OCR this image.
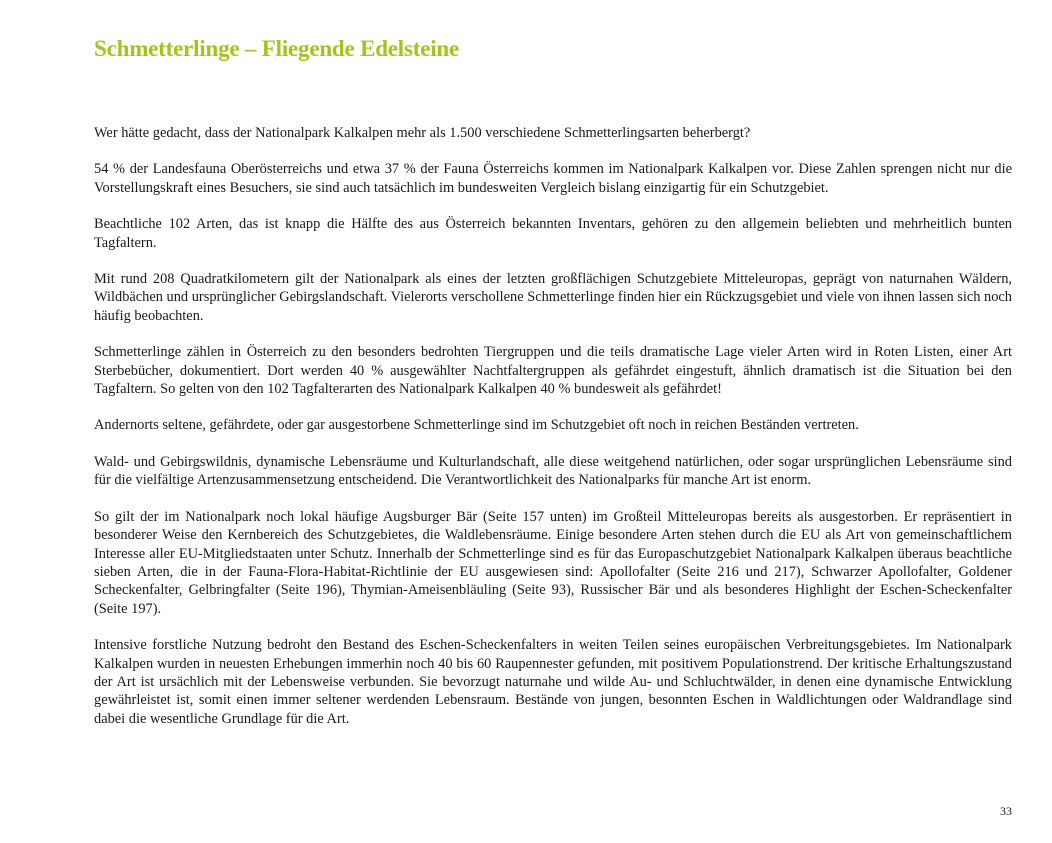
Schmetterlinge – Fliegende Edelsteine

Wer hätte gedacht, dass der Nationalpark Kalkalpen mehr als 1.500 verschiedene Schmetterlingsarten beherbergt?

54 % der Landesfauna Oberösterreichs und etwa 37 % der Fauna Österreichs kommen im Nationalpark Kalkalpen vor. Diese Zahlen sprengen nicht nur die Vorstellungskraft eines Besuchers, sie sind auch tatsächlich im bundesweiten Vergleich bislang einzigartig für ein Schutzgebiet.

Beachtliche 102 Arten, das ist knapp die Hälfte des aus Österreich bekannten Inventars, gehören zu den allgemein beliebten und mehrheitlich bunten Tagfaltern.

Mit rund 208 Quadratkilometern gilt der Nationalpark als eines der letzten großflächigen Schutzgebiete Mitteleuropas, geprägt von naturnahen Wäldern, Wildbächen und ursprünglicher Gebirgslandschaft. Vielerorts verschollene Schmetterlinge finden hier ein Rückzugsgebiet und viele von ihnen lassen sich noch häufig beobachten.

Schmetterlinge zählen in Österreich zu den besonders bedrohten Tiergruppen und die teils dramatische Lage vieler Arten wird in Roten Listen, einer Art Sterbebücher, dokumentiert. Dort werden 40 % ausgewählter Nachtfaltergruppen als gefährdet eingestuft, ähnlich dramatisch ist die Situation bei den Tagfaltern. So gelten von den 102 Tagfalterarten des Nationalpark Kalkalpen 40 % bundesweit als gefährdet!

Andernorts seltene, gefährdete, oder gar ausgestorbene Schmetterlinge sind im Schutzgebiet oft noch in reichen Beständen vertreten.

Wald- und Gebirgswildnis, dynamische Lebensräume und Kulturlandschaft, alle diese weitgehend natürlichen, oder sogar ursprünglichen Lebensräume sind für die vielfältige Artenzusammensetzung entscheidend. Die Verantwortlichkeit des Nationalparks für manche Art ist enorm.

So gilt der im Nationalpark noch lokal häufige Augsburger Bär (Seite 157 unten) im Großteil Mitteleuropas bereits als ausgestorben. Er repräsentiert in besonderer Weise den Kernbereich des Schutzgebietes, die Waldlebensräume. Einige besondere Arten stehen durch die EU als Art von gemeinschaftlichem Interesse aller EU-Mitgliedstaaten unter Schutz. Innerhalb der Schmetterlinge sind es für das Europaschutzgebiet Nationalpark Kalkalpen überaus beachtliche sieben Arten, die in der Fauna-Flora-Habitat-Richtlinie der EU ausgewiesen sind: Apollofalter (Seite 216 und 217), Schwarzer Apollofalter, Goldener Scheckenfalter, Gelbringfalter (Seite 196), Thymian-Ameisenbläuling (Seite 93), Russischer Bär und als besonderes Highlight der Eschen-Scheckenfalter (Seite 197).

Intensive forstliche Nutzung bedroht den Bestand des Eschen-Scheckenfalters in weiten Teilen seines europäischen Verbreitungsgebietes. Im Nationalpark Kalkalpen wurden in neuesten Erhebungen immerhin noch 40 bis 60 Raupennester gefunden, mit positivem Populationstrend. Der kritische Erhaltungszustand der Art ist ursächlich mit der Lebensweise verbunden. Sie bevorzugt naturnahe und wilde Au- und Schluchtwälder, in denen eine dynamische Entwicklung gewährleistet ist, somit einen immer seltener werdenden Lebensraum. Bestände von jungen, besonnten Eschen in Waldlichtungen oder Waldrandlage sind dabei die wesentliche Grundlage für die Art.

33
